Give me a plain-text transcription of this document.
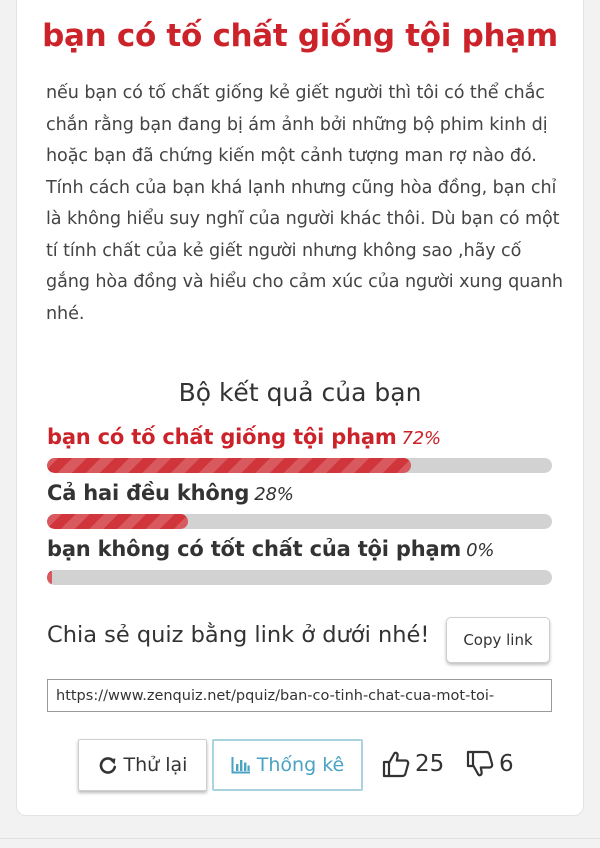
bạn có tố chất giống tội phạm
nếu bạn có tố chất giống kẻ giết người thì tôi có thể chắc chắn rằng bạn đang bị ám ảnh bởi những bộ phim kinh dị hoặc bạn đã chứng kiến một cảnh tượng man rợ nào đó. Tính cách của bạn khá lạnh nhưng cũng hòa đồng, bạn chỉ là không hiểu suy nghĩ của người khác thôi. Dù bạn có một tí tính chất của kẻ giết người nhưng không sao ,hãy cố gắng hòa đồng và hiểu cho cảm xúc của người xung quanh nhé.
Bộ kết quả của bạn
bạn có tố chất giống tội phạm 72%
Cả hai đều không 28%
bạn không có tốt chất của tội phạm 0%
Chia sẻ quiz bằng link ở dưới nhé!	Copy link
https://www.zenquiz.net/pquiz/ban-co-tinh-chat-cua-mot-toi-
Thử lại	Thống kê	25 6
